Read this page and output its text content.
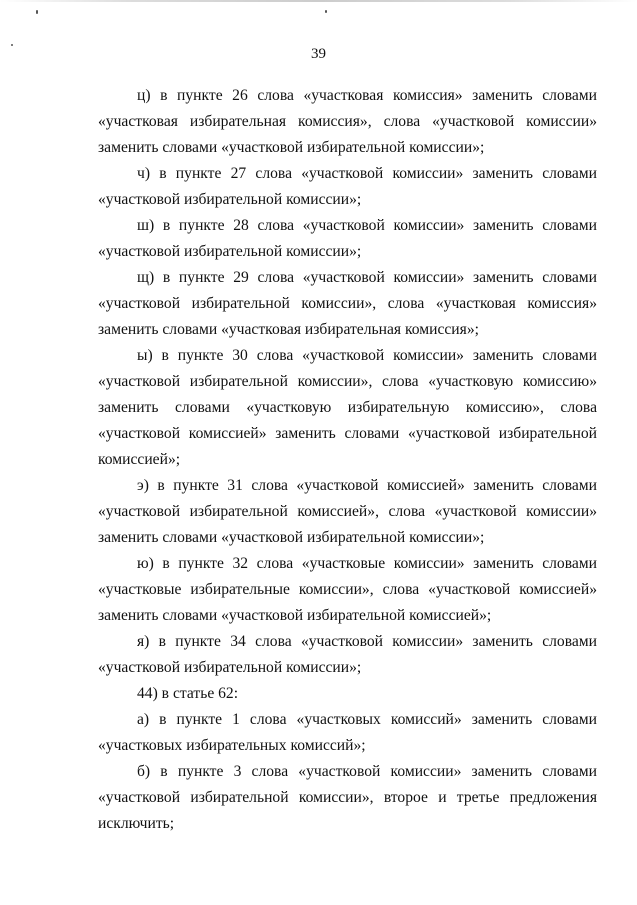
39

ц) в пункте 26 слова «участковая комиссия» заменить словами «участковая избирательная комиссия», слова «участковой комиссии» заменить словами «участковой избирательной комиссии»;

ч) в пункте 27 слова «участковой комиссии» заменить словами «участковой избирательной комиссии»;

ш) в пункте 28 слова «участковой комиссии» заменить словами «участковой избирательной комиссии»;

щ) в пункте 29 слова «участковой комиссии» заменить словами «участковой избирательной комиссии», слова «участковая комиссия» заменить словами «участковая избирательная комиссия»;

ы) в пункте 30 слова «участковой комиссии» заменить словами «участковой избирательной комиссии», слова «участковую комиссию» заменить словами «участковую избирательную комиссию», слова «участковой комиссией» заменить словами «участковой избирательной комиссией»;

э) в пункте 31 слова «участковой комиссией» заменить словами «участковой избирательной комиссией», слова «участковой комиссии» заменить словами «участковой избирательной комиссии»;

ю) в пункте 32 слова «участковые комиссии» заменить словами «участковые избирательные комиссии», слова «участковой комиссией» заменить словами «участковой избирательной комиссией»;

я) в пункте 34 слова «участковой комиссии» заменить словами «участковой избирательной комиссии»;

44) в статье 62:

а) в пункте 1 слова «участковых комиссий» заменить словами «участковых избирательных комиссий»;

б) в пункте 3 слова «участковой комиссии» заменить словами «участковой избирательной комиссии», второе и третье предложения исключить;
